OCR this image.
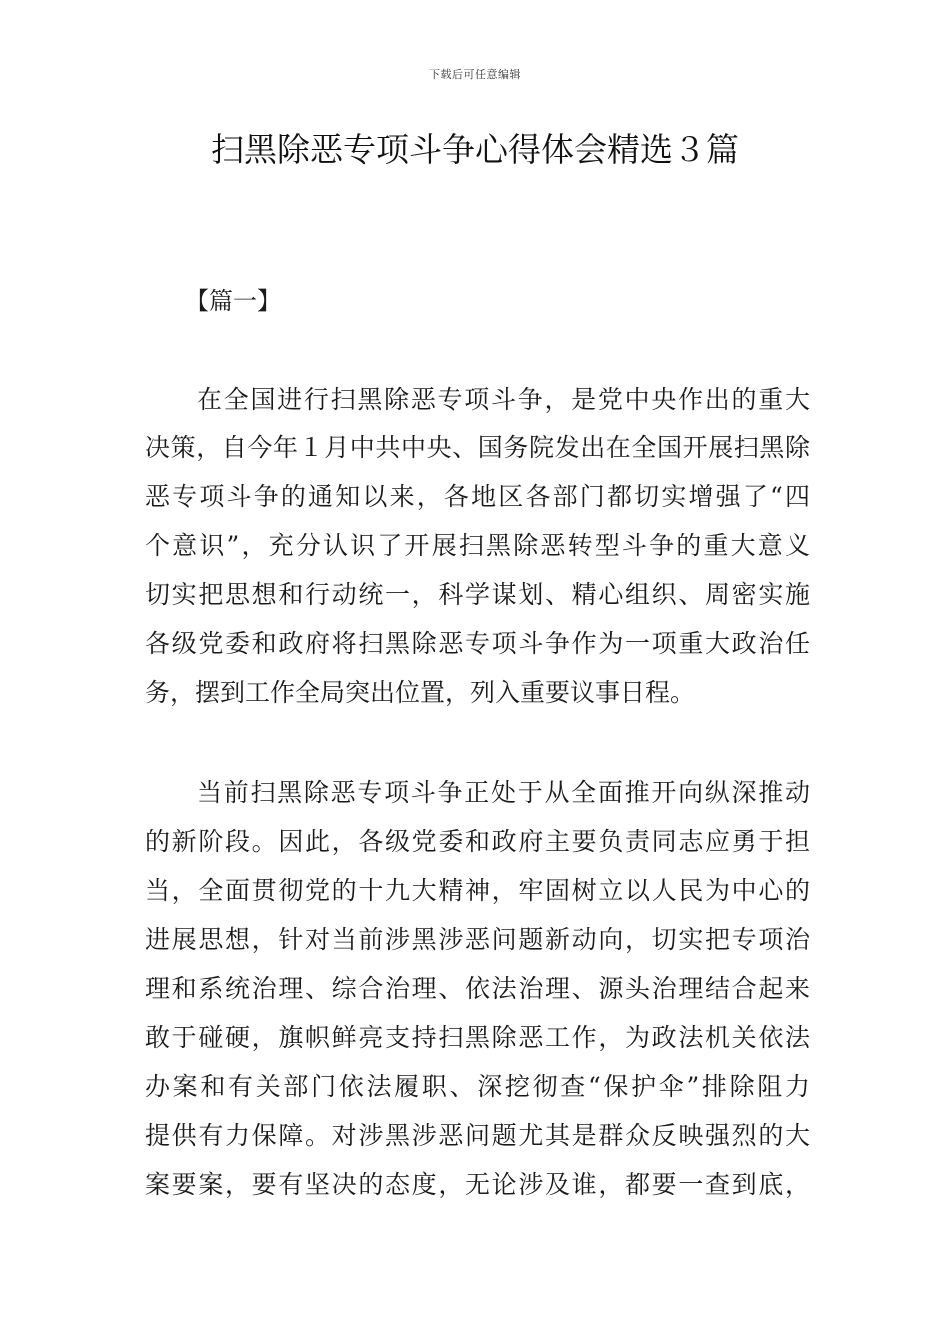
下载后可任意编辑
扫黑除恶专项斗争心得体会精选３篇
【篇一】
在全国进行扫黑除恶专项斗争，是党中央作出的重大
决策，自今年１月中共中央、国务院发出在全国开展扫黑除
恶专项斗争的通知以来，各地区各部门都切实增强了“四
个意识”，充分认识了开展扫黑除恶转型斗争的重大意义
切实把思想和行动统一，科学谋划、精心组织、周密实施
各级党委和政府将扫黑除恶专项斗争作为一项重大政治任
务，摆到工作全局突出位置，列入重要议事日程。
当前扫黑除恶专项斗争正处于从全面推开向纵深推动
的新阶段。因此，各级党委和政府主要负责同志应勇于担
当，全面贯彻党的十九大精神，牢固树立以人民为中心的
进展思想，针对当前涉黑涉恶问题新动向，切实把专项治
理和系统治理、综合治理、依法治理、源头治理结合起来
敢于碰硬，旗帜鲜亮支持扫黑除恶工作，为政法机关依法
办案和有关部门依法履职、深挖彻查“保护伞”排除阻力
提供有力保障。对涉黑涉恶问题尤其是群众反映强烈的大
案要案，要有坚决的态度，无论涉及谁，都要一查到底，
